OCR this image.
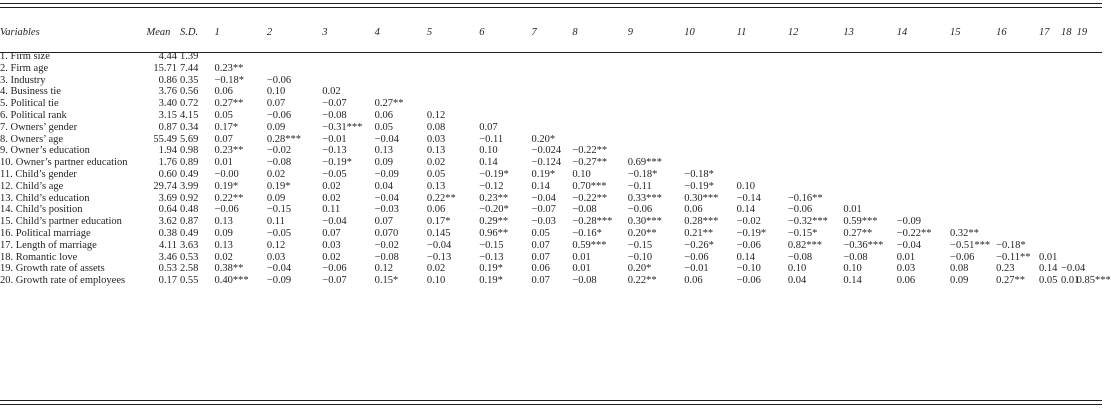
Variables	Mean	S.D.	1	2	3	4	5	6	7	8	9	10	11	12	13	14	15	16	17	18	19

1. Firm size	4.44	1.39																			
2. Firm age	15.71	7.44	0.23**																		
3. Industry	0.86	0.35	−0.18*	−0.06																	
4. Business tie	3.76	0.56	0.06	0.10	0.02																
5. Political tie	3.40	0.72	0.27**	0.07	−0.07	0.27**															
6. Political rank	3.15	4.15	0.05	−0.06	−0.08	0.06	0.12														
7. Owners’ gender	0.87	0.34	0.17*	0.09	−0.31***	0.05	0.08	0.07													
8. Owners’ age	55.49	5.69	0.07	0.28***	−0.01	−0.04	0.03	−0.11	0.20*												
9. Owner’s education	1.94	0.98	0.23**	−0.02	−0.13	0.13	0.13	0.10	−0.024	−0.22**											
10. Owner’s partner education	1.76	0.89	0.01	−0.08	−0.19*	0.09	0.02	0.14	−0.124	−0.27**	0.69***										
11. Child’s gender	0.60	0.49	−0.00	0.02	−0.05	−0.09	0.05	−0.19*	0.19*	0.10	−0.18*	−0.18*									
12. Child’s age	29.74	3.99	0.19*	0.19*	0.02	0.04	0.13	−0.12	0.14	0.70***	−0.11	−0.19*	0.10								
13. Child’s education	3.69	0.92	0.22**	0.09	0.02	−0.04	0.22**	0.23**	−0.04	−0.22**	0.33***	0.30***	−0.14	−0.16**							
14. Child’s position	0.64	0.48	−0.06	−0.15	0.11	−0.03	0.06	−0.20*	−0.07	−0.08	−0.06	0.06	0.14	−0.06	0.01						
15. Child’s partner education	3.62	0.87	0.13	0.11	−0.04	0.07	0.17*	0.29**	−0.03	−0.28***	0.30***	0.28***	−0.02	−0.32***	0.59***	−0.09					
16. Political marriage	0.38	0.49	0.09	−0.05	0.07	0.070	0.145	0.96**	0.05	−0.16*	0.20**	0.21**	−0.19*	−0.15*	0.27**	−0.22**	0.32**				
17. Length of marriage	4.11	3.63	0.13	0.12	0.03	−0.02	−0.04	−0.15	0.07	0.59***	−0.15	−0.26*	−0.06	0.82***	−0.36***	−0.04	−0.51***	−0.18*			
18. Romantic love	3.46	0.53	0.02	0.03	0.02	−0.08	−0.13	−0.13	0.07	0.01	−0.10	−0.06	0.14	−0.08	−0.08	0.01	−0.06	−0.11**	0.01		
19. Growth rate of assets	0.53	2.58	0.38**	−0.04	−0.06	0.12	0.02	0.19*	0.06	0.01	0.20*	−0.01	−0.10	0.10	0.10	0.03	0.08	0.23	0.14	−0.04	
20. Growth rate of employees	0.17	0.55	0.40***	−0.09	−0.07	0.15*	0.10	0.19*	0.07	−0.08	0.22**	0.06	−0.06	0.04	0.14	0.06	0.09	0.27**	0.05	0.01	0.85***
